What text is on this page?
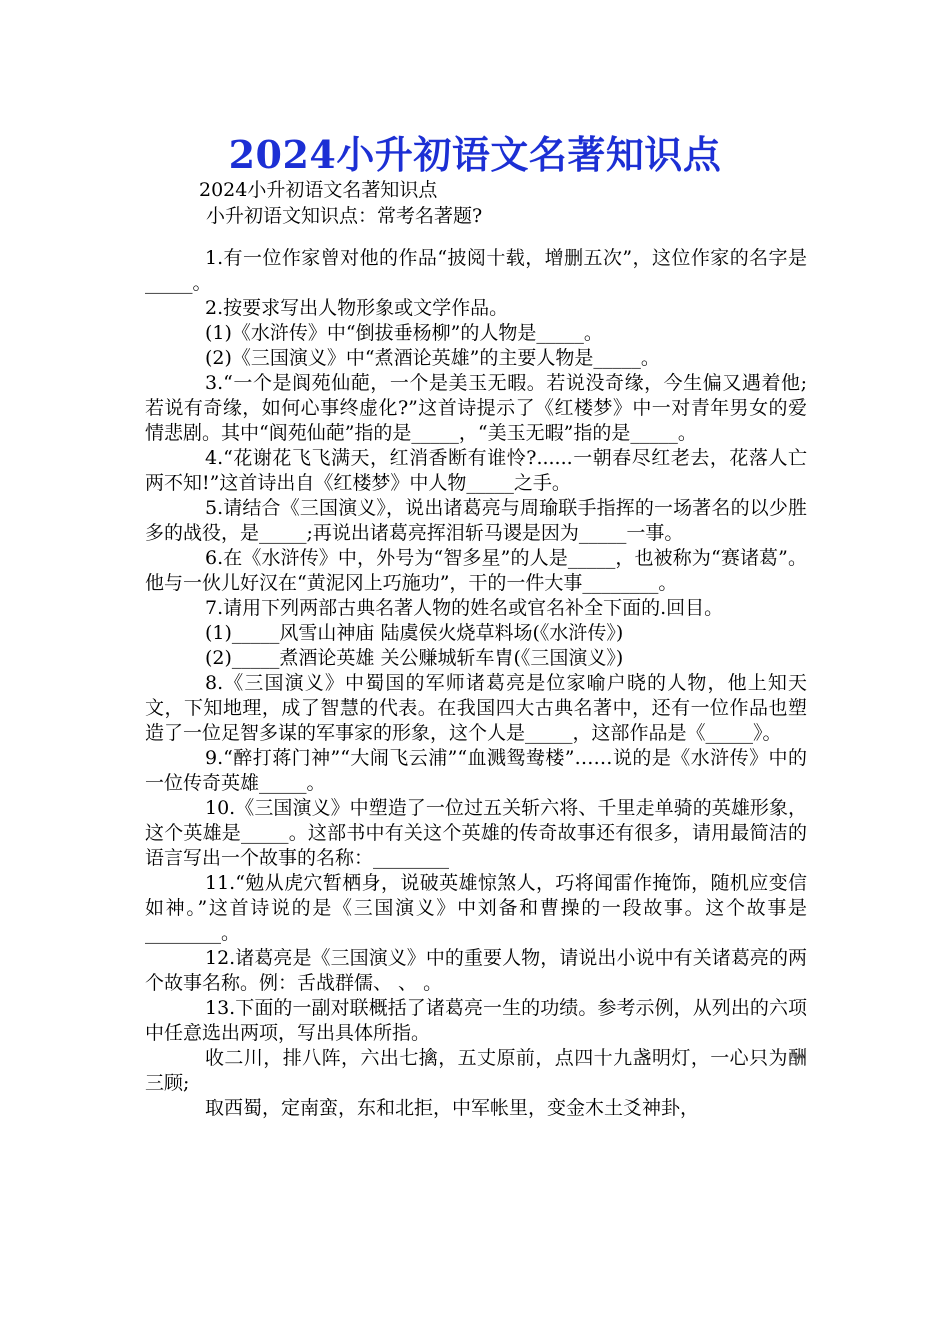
2024小升初语文名著知识点
2024小升初语文名著知识点
小升初语文知识点：常考名著题?

1.有一位作家曾对他的作品“披阅十载，增删五次”，这位作家的名字是_____。

2.按要求写出人物形象或文学作品。

(1)《水浒传》中“倒拔垂杨柳”的人物是_____。

(2)《三国演义》中“煮酒论英雄”的主要人物是_____。

3.“一个是阆苑仙葩，一个是美玉无暇。若说没奇缘，今生偏又遇着他;若说有奇缘，如何心事终虚化?”这首诗提示了《红楼梦》中一对青年男女的爱情悲剧。其中“阆苑仙葩”指的是_____，“美玉无暇”指的是_____。

4.“花谢花飞飞满天，红消香断有谁怜?......一朝春尽红老去，花落人亡两不知!”这首诗出自《红楼梦》中人物_____之手。

5.请结合《三国演义》，说出诸葛亮与周瑜联手指挥的一场著名的以少胜多的战役，是_____;再说出诸葛亮挥泪斩马谡是因为_____一事。

6.在《水浒传》中，外号为“智多星”的人是_____，也被称为“赛诸葛”。他与一伙儿好汉在“黄泥冈上巧施功”，干的一件大事________。

7.请用下列两部古典名著人物的姓名或官名补全下面的.回目。

(1)_____风雪山神庙 陆虞侯火烧草料场(《水浒传》)

(2)_____煮酒论英雄 关公赚城斩车胄(《三国演义》)

8.《三国演义》中蜀国的军师诸葛亮是位家喻户晓的人物，他上知天文，下知地理，成了智慧的代表。在我国四大古典名著中，还有一位作品也塑造了一位足智多谋的军事家的形象，这个人是_____，这部作品是《_____》。

9.“醉打蒋门神”“大闹飞云浦”“血溅鸳鸯楼”……说的是《水浒传》中的一位传奇英雄_____。

10.《三国演义》中塑造了一位过五关斩六将、千里走单骑的英雄形象，这个英雄是_____。这部书中有关这个英雄的传奇故事还有很多，请用最简洁的语言写出一个故事的名称：________

11.“勉从虎穴暂栖身，说破英雄惊煞人，巧将闻雷作掩饰，随机应变信如神。”这首诗说的是《三国演义》中刘备和曹操的一段故事。这个故事是________。

12.诸葛亮是《三国演义》中的重要人物，请说出小说中有关诸葛亮的两个故事名称。例：舌战群儒、 、 。

13.下面的一副对联概括了诸葛亮一生的功绩。参考示例，从列出的六项中任意选出两项，写出具体所指。

收二川，排八阵，六出七擒，五丈原前，点四十九盏明灯，一心只为酬三顾;

取西蜀，定南蛮，东和北拒，中军帐里，变金木土爻神卦，
